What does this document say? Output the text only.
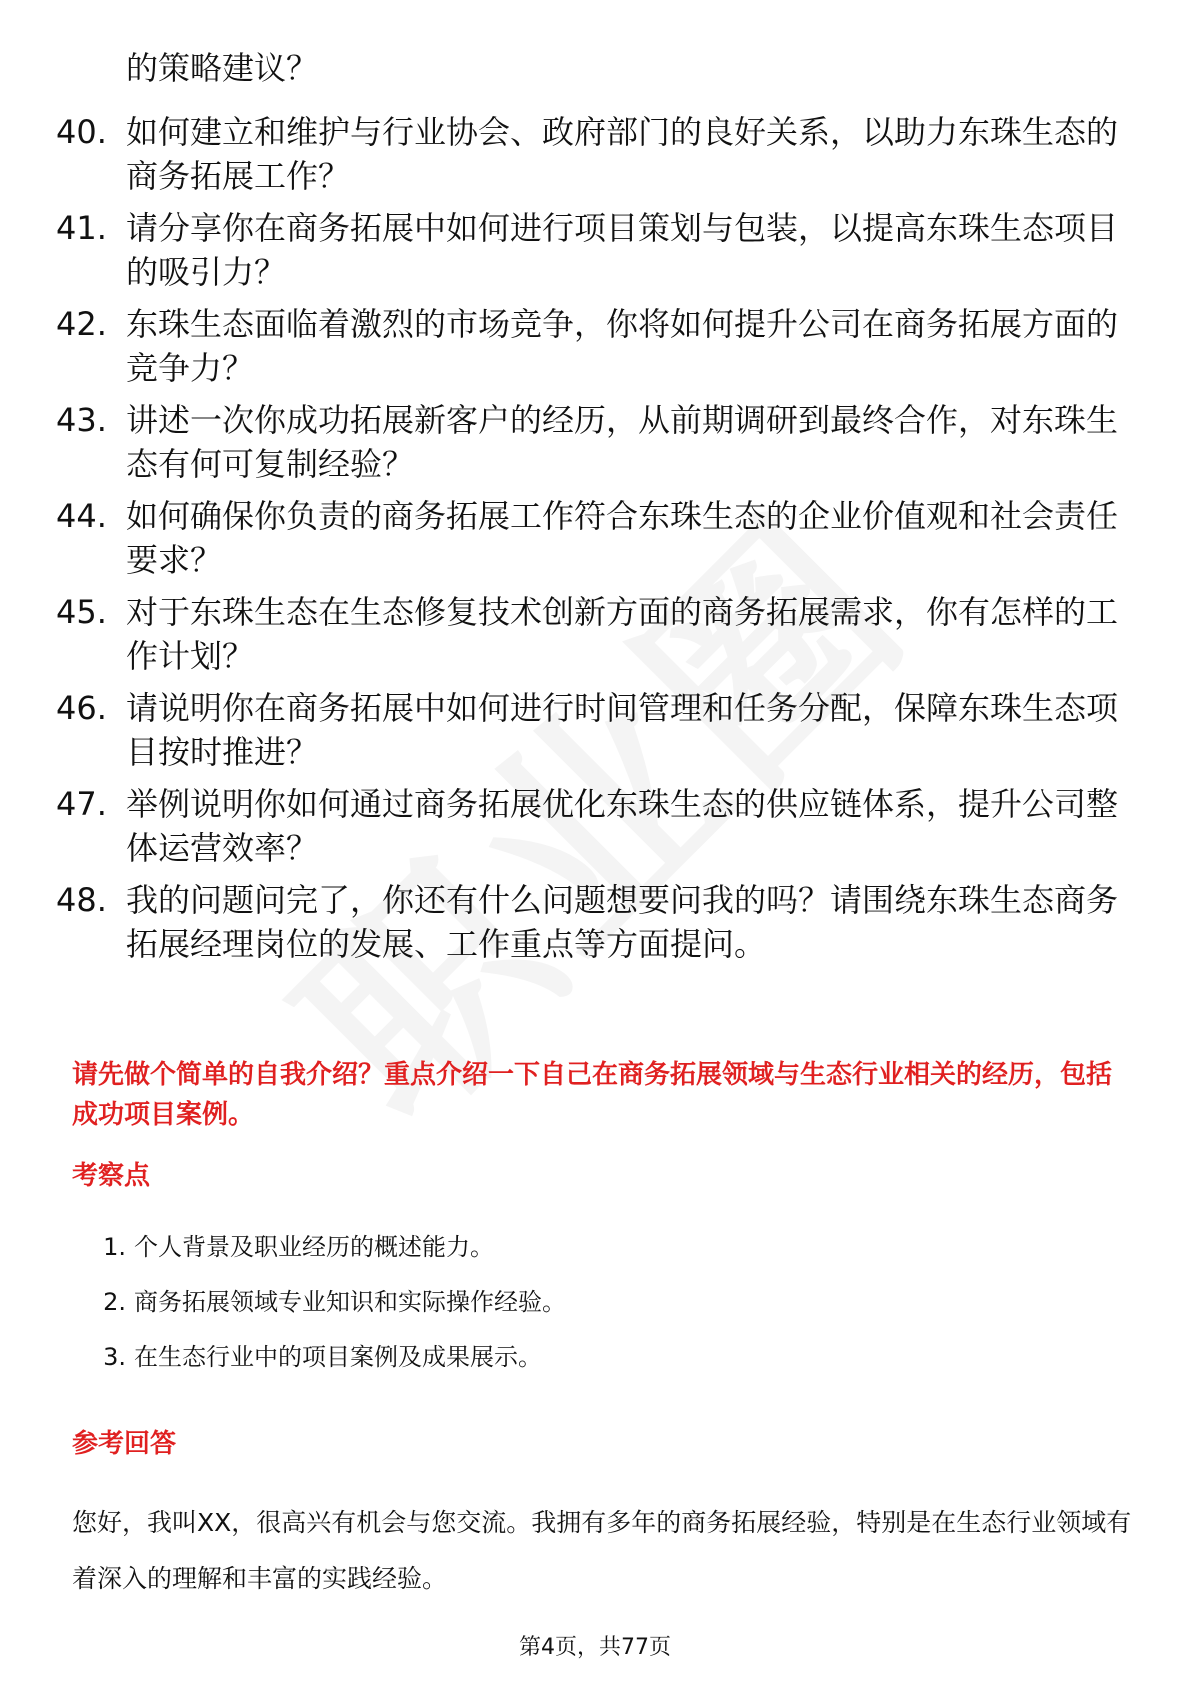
的策略建议？
40. 如何建立和维护与行业协会、政府部门的良好关系，以助力东珠生态的商务拓展工作？
41. 请分享你在商务拓展中如何进行项目策划与包装，以提高东珠生态项目的吸引力？
42. 东珠生态面临着激烈的市场竞争，你将如何提升公司在商务拓展方面的竞争力？
43. 讲述一次你成功拓展新客户的经历，从前期调研到最终合作，对东珠生态有何可复制经验？
44. 如何确保你负责的商务拓展工作符合东珠生态的企业价值观和社会责任要求？
45. 对于东珠生态在生态修复技术创新方面的商务拓展需求，你有怎样的工作计划？
46. 请说明你在商务拓展中如何进行时间管理和任务分配，保障东珠生态项目按时推进？
47. 举例说明你如何通过商务拓展优化东珠生态的供应链体系，提升公司整体运营效率？
48. 我的问题问完了，你还有什么问题想要问我的吗？请围绕东珠生态商务拓展经理岗位的发展、工作重点等方面提问。
请先做个简单的自我介绍？重点介绍一下自己在商务拓展领域与生态行业相关的经历，包括成功项目案例。
考察点
1. 个人背景及职业经历的概述能力。
2. 商务拓展领域专业知识和实际操作经验。
3. 在生态行业中的项目案例及成果展示。
参考回答
您好，我叫XX，很高兴有机会与您交流。我拥有多年的商务拓展经验，特别是在生态行业领域有着深入的理解和丰富的实践经验。
第4页，共77页
